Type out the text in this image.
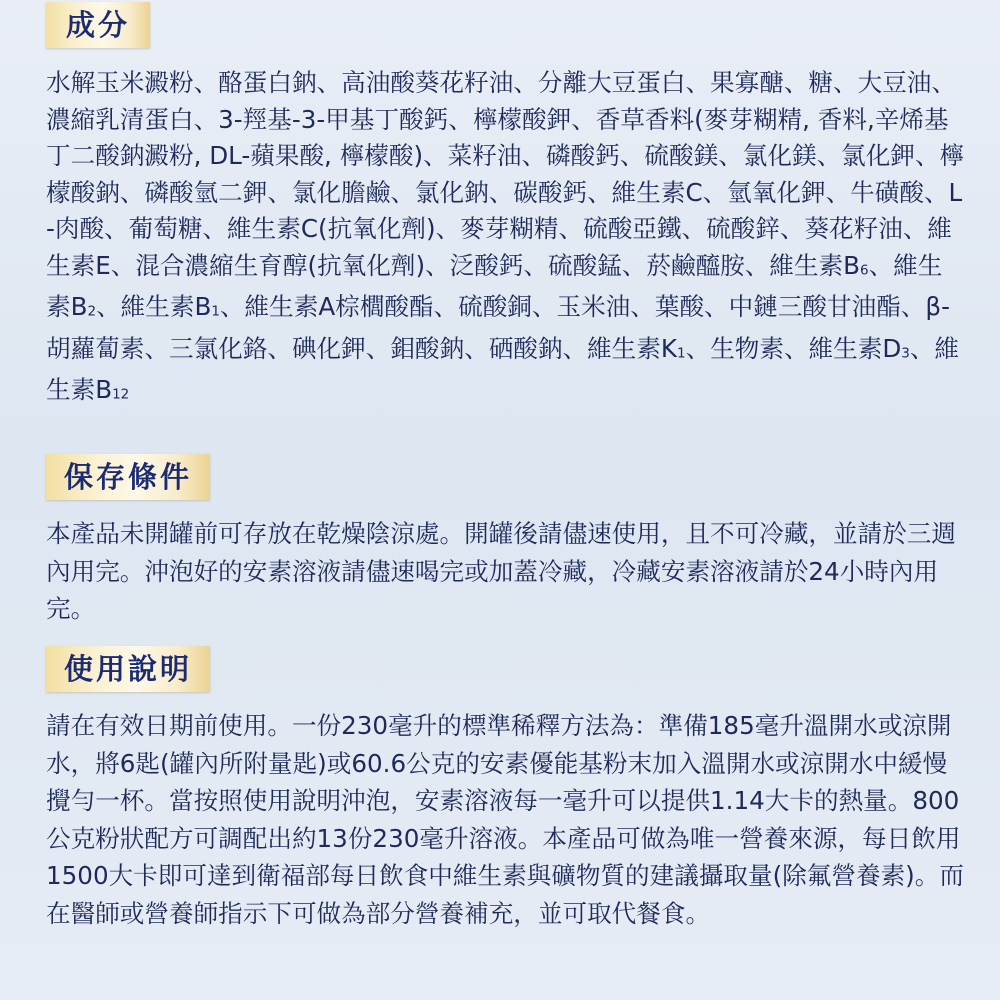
成分

水解玉米澱粉、酪蛋白鈉、高油酸葵花籽油、分離大豆蛋白、果寡醣、糖、大豆油、濃縮乳清蛋白、3-羥基-3-甲基丁酸鈣、檸檬酸鉀、香草香料(麥芽糊精, 香料,辛烯基丁二酸鈉澱粉, DL-蘋果酸, 檸檬酸)、菜籽油、磷酸鈣、硫酸鎂、氯化鎂、氯化鉀、檸檬酸鈉、磷酸氫二鉀、氯化膽鹼、氯化鈉、碳酸鈣、維生素C、氫氧化鉀、牛磺酸、L-肉酸、葡萄糖、維生素C(抗氧化劑)、麥芽糊精、硫酸亞鐵、硫酸鋅、葵花籽油、維生素E、混合濃縮生育醇(抗氧化劑)、泛酸鈣、硫酸錳、菸鹼醯胺、維生素B6、維生素B2、維生素B1、維生素A棕櫚酸酯、硫酸銅、玉米油、葉酸、中鏈三酸甘油酯、β-胡蘿蔔素、三氯化鉻、碘化鉀、鉬酸鈉、硒酸鈉、維生素K1、生物素、維生素D3、維生素B12

保存條件

本產品未開罐前可存放在乾燥陰涼處。開罐後請儘速使用，且不可冷藏，並請於三週內用完。沖泡好的安素溶液請儘速喝完或加蓋冷藏，冷藏安素溶液請於24小時內用完。

使用說明

請在有效日期前使用。一份230毫升的標準稀釋方法為：準備185毫升溫開水或涼開水，將6匙(罐內所附量匙)或60.6公克的安素優能基粉末加入溫開水或涼開水中緩慢攪勻一杯。當按照使用說明沖泡，安素溶液每一毫升可以提供1.14大卡的熱量。800公克粉狀配方可調配出約13份230毫升溶液。本產品可做為唯一營養來源，每日飲用1500大卡即可達到衛福部每日飲食中維生素與礦物質的建議攝取量(除氟營養素)。而在醫師或營養師指示下可做為部分營養補充，並可取代餐食。
